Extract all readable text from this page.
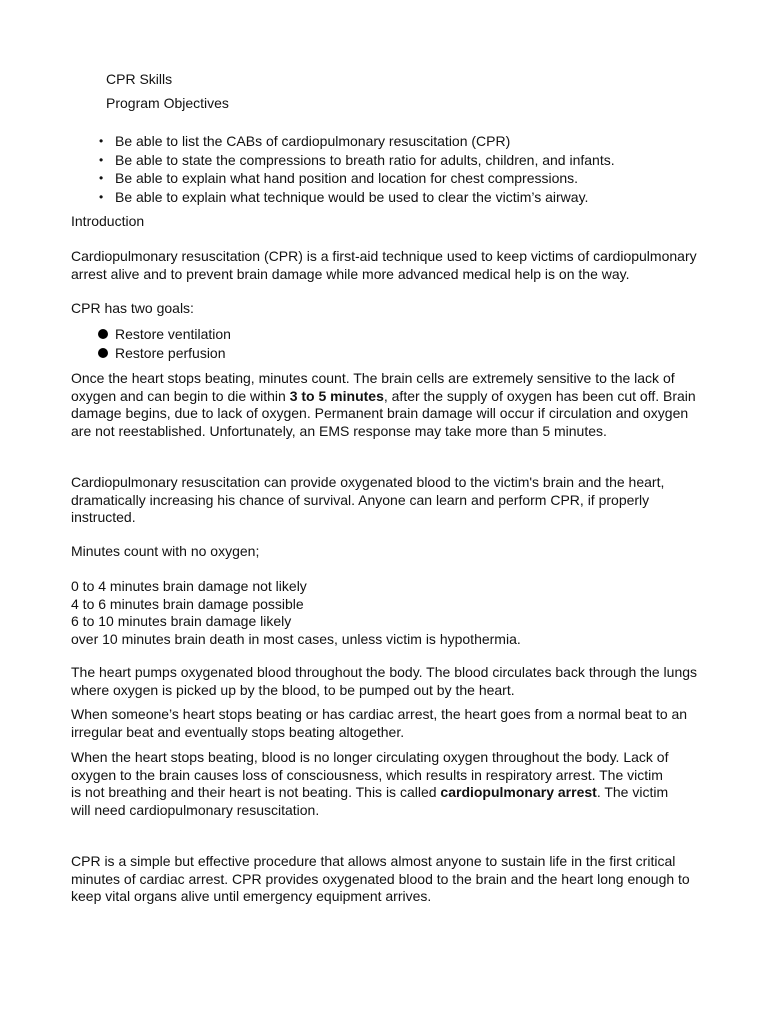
CPR Skills

Program Objectives

• Be able to list the CABs of cardiopulmonary resuscitation (CPR)
• Be able to state the compressions to breath ratio for adults, children, and infants.
• Be able to explain what hand position and location for chest compressions.
• Be able to explain what technique would be used to clear the victim’s airway.

Introduction

Cardiopulmonary resuscitation (CPR) is a first-aid technique used to keep victims of cardiopulmonary arrest alive and to prevent brain damage while more advanced medical help is on the way.

CPR has two goals:

Restore ventilation
Restore perfusion

Once the heart stops beating, minutes count. The brain cells are extremely sensitive to the lack of oxygen and can begin to die within 3 to 5 minutes, after the supply of oxygen has been cut off. Brain damage begins, due to lack of oxygen. Permanent brain damage will occur if circulation and oxygen are not reestablished. Unfortunately, an EMS response may take more than 5 minutes.

Cardiopulmonary resuscitation can provide oxygenated blood to the victim's brain and the heart, dramatically increasing his chance of survival. Anyone can learn and perform CPR, if properly instructed.

Minutes count with no oxygen;

0 to 4 minutes brain damage not likely
4 to 6 minutes brain damage possible
6 to 10 minutes brain damage likely
over 10 minutes brain death in most cases, unless victim is hypothermia.

The heart pumps oxygenated blood throughout the body. The blood circulates back through the lungs where oxygen is picked up by the blood, to be pumped out by the heart.

When someone’s heart stops beating or has cardiac arrest, the heart goes from a normal beat to an irregular beat and eventually stops beating altogether.

When the heart stops beating, blood is no longer circulating oxygen throughout the body. Lack of oxygen to the brain causes loss of consciousness, which results in respiratory arrest. The victim is not breathing and their heart is not beating. This is called cardiopulmonary arrest. The victim will need cardiopulmonary resuscitation.

CPR is a simple but effective procedure that allows almost anyone to sustain life in the first critical minutes of cardiac arrest. CPR provides oxygenated blood to the brain and the heart long enough to keep vital organs alive until emergency equipment arrives.
